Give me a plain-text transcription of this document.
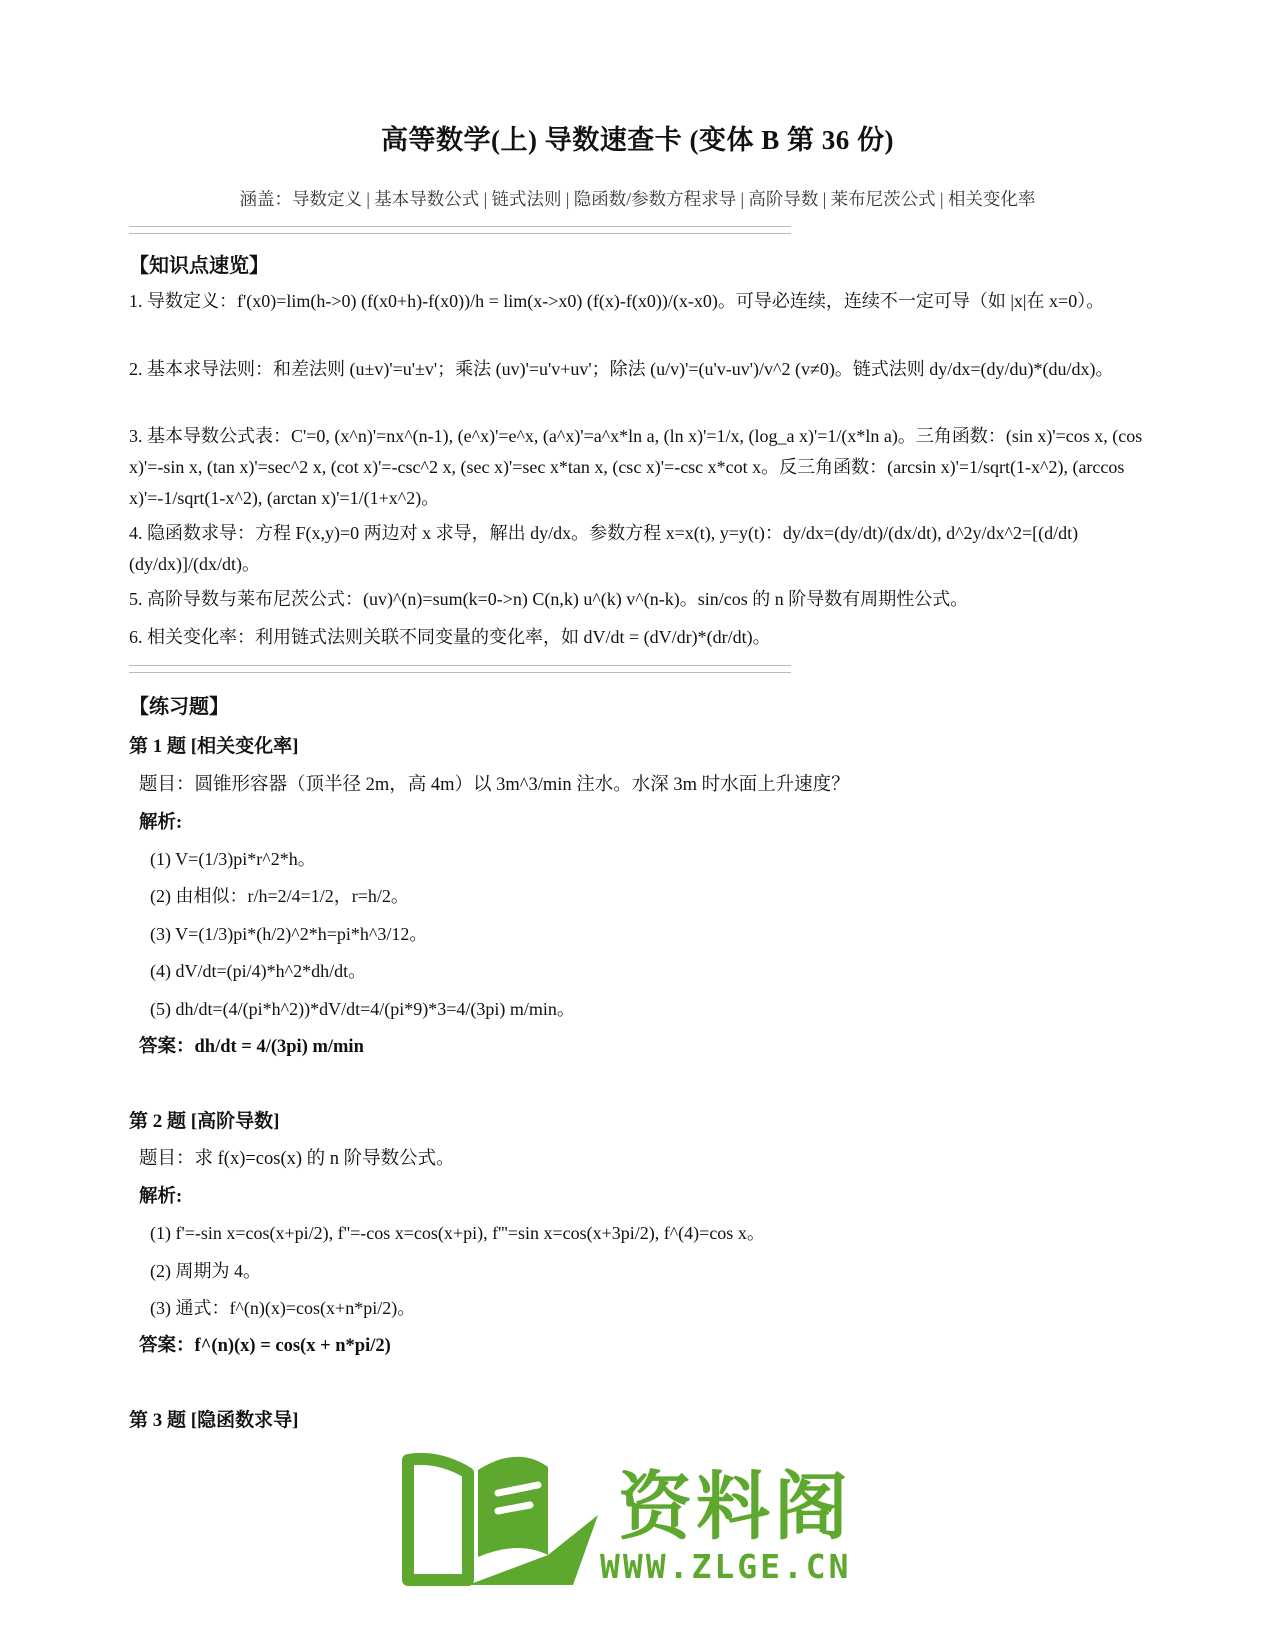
高等数学(上) 导数速查卡 (变体 B 第 36 份)
涵盖：导数定义 | 基本导数公式 | 链式法则 | 隐函数/参数方程求导 | 高阶导数 | 莱布尼茨公式 | 相关变化率
【知识点速览】
1. 导数定义：f'(x0)=lim(h->0) (f(x0+h)-f(x0))/h = lim(x->x0) (f(x)-f(x0))/(x-x0)。可导必连续，连续不一定可导（如 |x|在 x=0）。
2. 基本求导法则：和差法则 (u±v)'=u'±v'；乘法 (uv)'=u'v+uv'；除法 (u/v)'=(u'v-uv')/v^2 (v≠0)。链式法则 dy/dx=(dy/du)*(du/dx)。
3. 基本导数公式表：C'=0, (x^n)'=nx^(n-1), (e^x)'=e^x, (a^x)'=a^x*ln a, (ln x)'=1/x, (log_a x)'=1/(x*ln a)。三角函数：(sin x)'=cos x, (cos x)'=-sin x, (tan x)'=sec^2 x, (cot x)'=-csc^2 x, (sec x)'=sec x*tan x, (csc x)'=-csc x*cot x。反三角函数：(arcsin x)'=1/sqrt(1-x^2), (arccos x)'=-1/sqrt(1-x^2), (arctan x)'=1/(1+x^2)。
4. 隐函数求导：方程 F(x,y)=0 两边对 x 求导，解出 dy/dx。参数方程 x=x(t), y=y(t)：dy/dx=(dy/dt)/(dx/dt), d^2y/dx^2=[(d/dt)(dy/dx)]/(dx/dt)。
5. 高阶导数与莱布尼茨公式：(uv)^(n)=sum(k=0->n) C(n,k) u^(k) v^(n-k)。sin/cos 的 n 阶导数有周期性公式。
6. 相关变化率：利用链式法则关联不同变量的变化率，如 dV/dt = (dV/dr)*(dr/dt)。
【练习题】
第 1 题 [相关变化率]
题目：圆锥形容器（顶半径 2m，高 4m）以 3m^3/min 注水。水深 3m 时水面上升速度？
解析:
(1) V=(1/3)pi*r^2*h。
(2) 由相似：r/h=2/4=1/2，r=h/2。
(3) V=(1/3)pi*(h/2)^2*h=pi*h^3/12。
(4) dV/dt=(pi/4)*h^2*dh/dt。
(5) dh/dt=(4/(pi*h^2))*dV/dt=4/(pi*9)*3=4/(3pi) m/min。
答案：dh/dt = 4/(3pi) m/min
第 2 题 [高阶导数]
题目：求 f(x)=cos(x) 的 n 阶导数公式。
解析:
(1) f'=-sin x=cos(x+pi/2), f''=-cos x=cos(x+pi), f'''=sin x=cos(x+3pi/2), f^(4)=cos x。
(2) 周期为 4。
(3) 通式：f^(n)(x)=cos(x+n*pi/2)。
答案：f^(n)(x) = cos(x + n*pi/2)
第 3 题 [隐函数求导]
资料阁
WWW.ZLGE.CN
